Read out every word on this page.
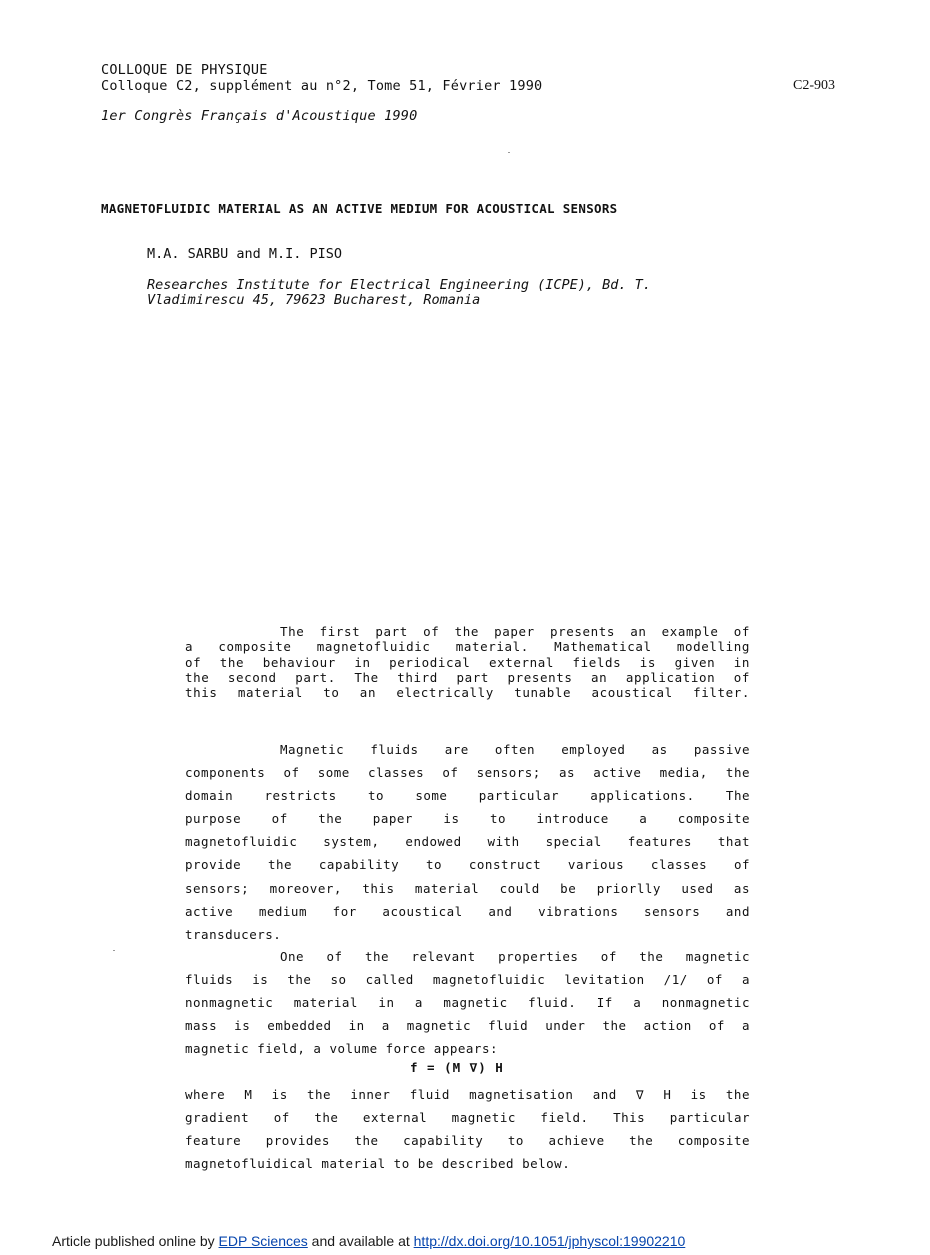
COLLOQUE DE PHYSIQUE
Colloque C2, supplément au n°2, Tome 51, Février 1990	C2-903
1er Congrès Français d'Acoustique 1990
MAGNETOFLUIDIC MATERIAL AS AN ACTIVE MEDIUM FOR ACOUSTICAL SENSORS
M.A. SARBU and M.I. PISO
Researches Institute for Electrical Engineering (ICPE), Bd. T.
Vladimirescu 45, 79623 Bucharest, Romania
The first part of the paper presents an example of
a composite magnetofluidic material. Mathematical modelling
of the behaviour in periodical external fields is given in
the second part. The third part presents an application of
this material to an electrically tunable acoustical filter.
Magnetic fluids are often employed as passive
components of some classes of sensors; as active media, the
domain restricts to some particular applications. The
purpose of the paper is to introduce a composite
magnetofluidic system, endowed with special features that
provide the capability to construct various classes of
sensors; moreover, this material could be priorlly used as
active medium for acoustical and vibrations sensors and
transducers.
One of the relevant properties of the magnetic
fluids is the so called magnetofluidic levitation /1/ of a
nonmagnetic material in a magnetic fluid. If a nonmagnetic
mass is embedded in a magnetic fluid under the action of a
magnetic field, a volume force appears:
f = (M ∇) H
where M is the inner fluid magnetisation and ∇ H is the
gradient of the external magnetic field. This particular
feature provides the capability to achieve the composite
magnetofluidical material to be described below.
Article published online by EDP Sciences and available at http://dx.doi.org/10.1051/jphyscol:19902210
